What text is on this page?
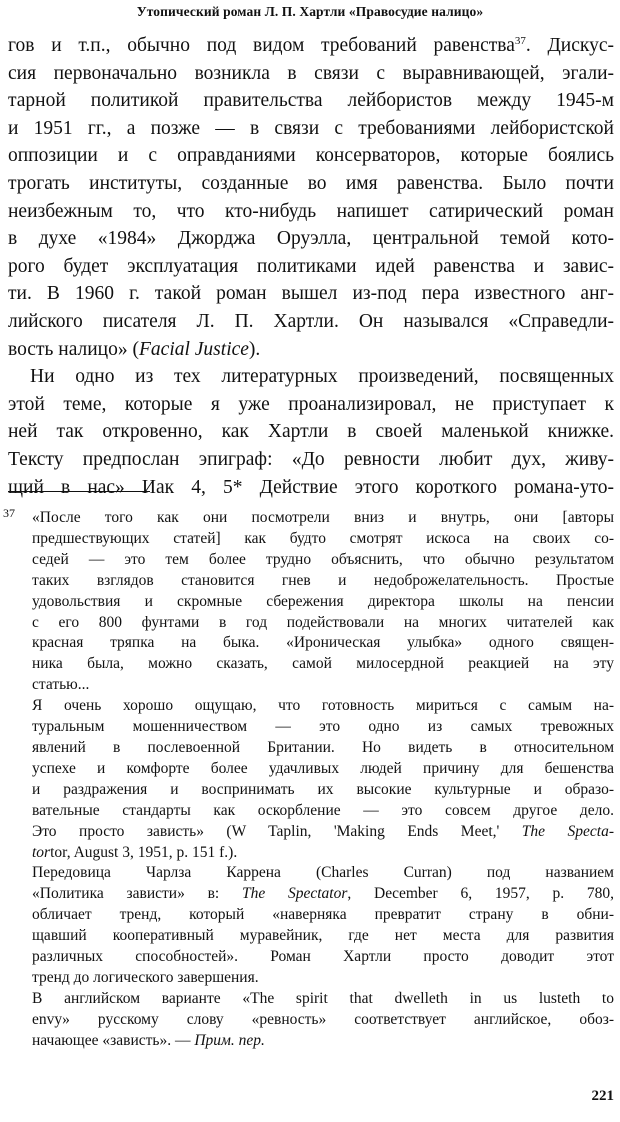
Утопический роман Л. П. Хартли «Правосудие налицо»
гов и т.п., обычно под видом требований равенства$^{37}$. Дискус-
сия первоначально возникла в связи с выравнивающей, эгали-
тарной политикой правительства лейбористов между 1945-м
и 1951 гг., а позже — в связи с требованиями лейбористской
оппозиции и с оправданиями консерваторов, которые боялись
трогать институты, созданные во имя равенства. Было почти
неизбежным то, что кто-нибудь напишет сатирический роман
в духе «1984» Джорджа Оруэлла, центральной темой кото-
рого будет эксплуатация политиками идей равенства и завис-
ти. В 1960 г. такой роман вышел из-под пера известного анг-
лийского писателя Л. П. Хартли. Он назывался «Справедли-
вость налицо» (Facial Justice).
Ни одно из тех литературных произведений, посвященных
этой теме, которые я уже проанализировал, не приступает к
ней так откровенно, как Хартли в своей маленькой книжке.
Тексту предпослан эпиграф: «До ревности любит дух, живу-
щий в нас» Иак 4, 5* Действие этого короткого романа-уто-
37 «После того как они посмотрели вниз и внутрь, они [авторы
предшествующих статей] как будто смотрят искоса на своих со-
седей — это тем более трудно объяснить, что обычно результатом
таких взглядов становится гнев и недоброжелательность. Простые
удовольствия и скромные сбережения директора школы на пенсии
с его 800 фунтами в год подействовали на многих читателей как
красная тряпка на быка. «Ироническая улыбка» одного священ-
ника была, можно сказать, самой милосердной реакцией на эту
статью...
Я очень хорошо ощущаю, что готовность мириться с самым на-
туральным мошенничеством — это одно из самых тревожных
явлений в послевоенной Британии. Но видеть в относительном
успехе и комфорте более удачливых людей причину для бешенства
и раздражения и воспринимать их высокие культурные и образо-
вательные стандарты как оскорбление — это совсем другое дело.
Это просто зависть» (W Taplin, 'Making Ends Meet,' The Specta-
tortor, August 3, 1951, p. 151 f.).
Передовица Чарлза Каррена (Charles Curran) под названием
«Политика зависти» в: The Spectator, December 6, 1957, p. 780,
обличает тренд, который «наверняка превратит страну в обни-
щавший кооперативный муравейник, где нет места для развития
различных способностей». Роман Хартли просто доводит этот
тренд до логического завершения.
В английском варианте «The spirit that dwelleth in us lusteth to
envy» русскому слову «ревность» соответствует английское, обоз-
начающее «зависть». — Прим. пер.
221
